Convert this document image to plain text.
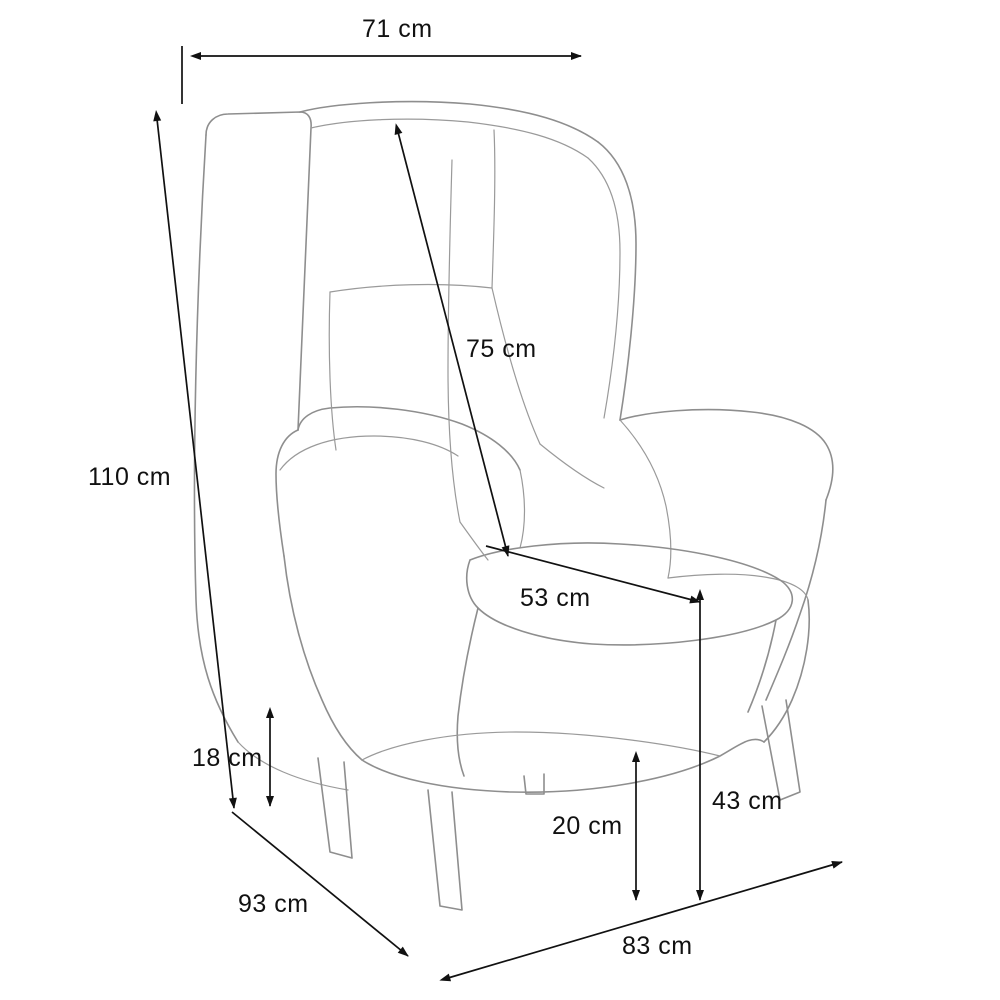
71 cm
110 cm
75 cm
53 cm
18 cm
20 cm
43 cm
93 cm
83 cm
